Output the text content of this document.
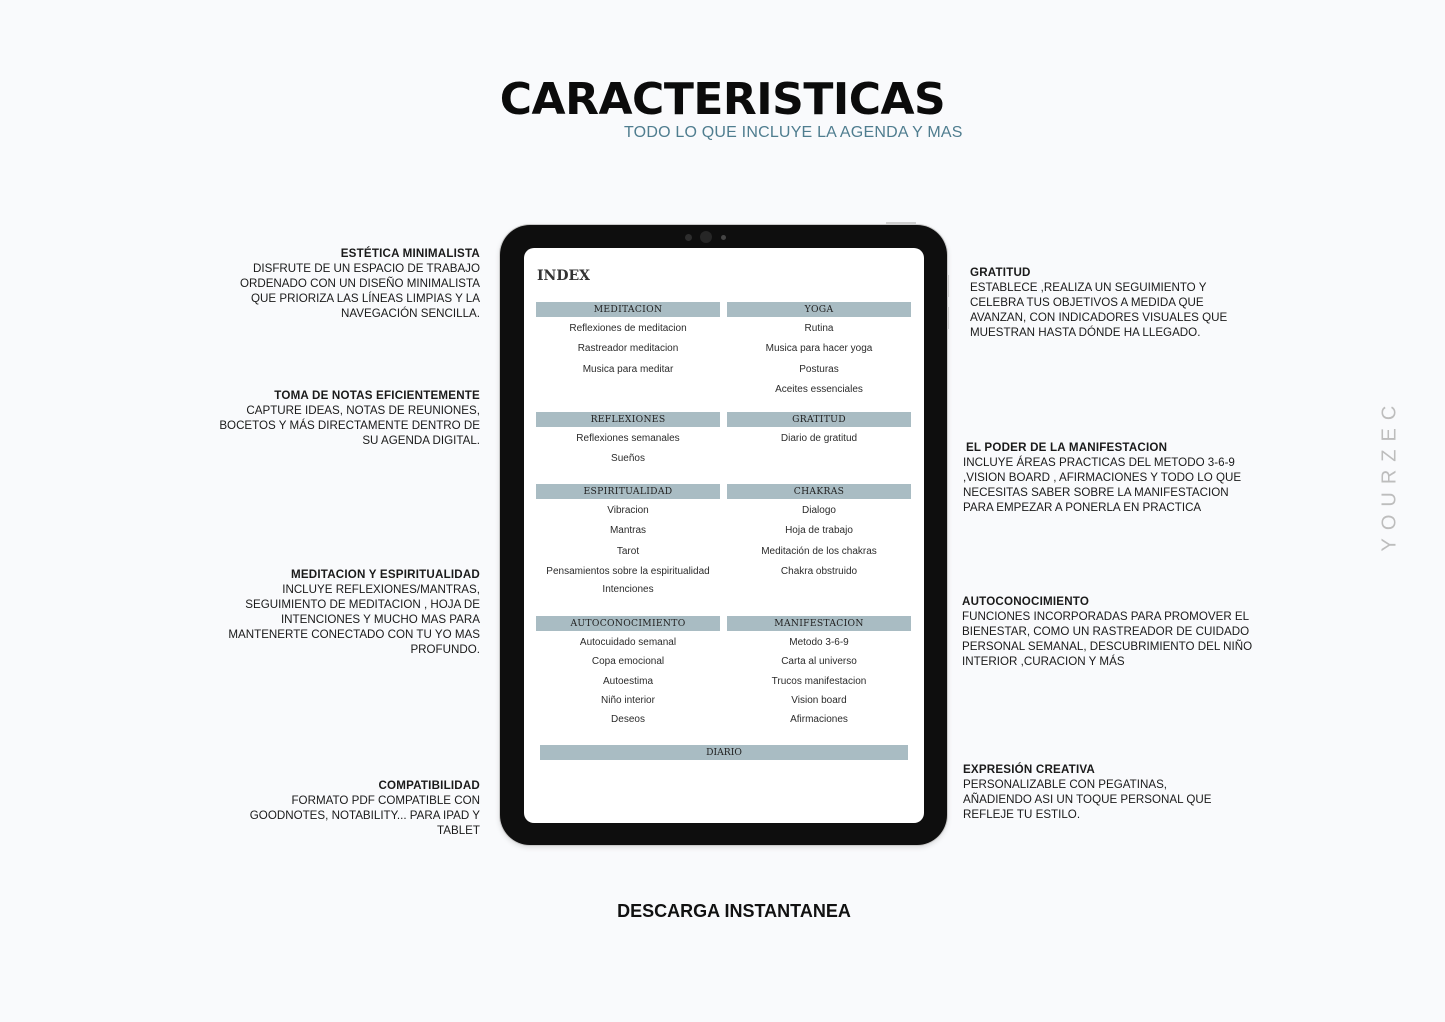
CARACTERISTICAS
TODO LO QUE INCLUYE LA AGENDA Y MAS
ESTÉTICA MINIMALISTA
DISFRUTE DE UN ESPACIO DE TRABAJO
ORDENADO CON UN DISEÑO MINIMALISTA
QUE PRIORIZA LAS LÍNEAS LIMPIAS Y LA
NAVEGACIÓN SENCILLA.
TOMA DE NOTAS EFICIENTEMENTE
CAPTURE IDEAS, NOTAS DE REUNIONES,
BOCETOS Y MÁS DIRECTAMENTE DENTRO DE
SU AGENDA DIGITAL.
MEDITACION Y ESPIRITUALIDAD
INCLUYE REFLEXIONES/MANTRAS,
SEGUIMIENTO DE MEDITACION , HOJA DE
INTENCIONES Y MUCHO MAS PARA
MANTENERTE CONECTADO CON TU YO MAS
PROFUNDO.
COMPATIBILIDAD
FORMATO PDF COMPATIBLE CON
GOODNOTES, NOTABILITY... PARA IPAD Y
TABLET
GRATITUD
ESTABLECE ,REALIZA UN SEGUIMIENTO Y
CELEBRA TUS OBJETIVOS A MEDIDA QUE
AVANZAN, CON INDICADORES VISUALES QUE
MUESTRAN HASTA DÓNDE HA LLEGADO.
EL PODER DE LA MANIFESTACION
INCLUYE ÁREAS PRACTICAS DEL METODO 3-6-9
,VISION BOARD , AFIRMACIONES Y TODO LO QUE
NECESITAS SABER SOBRE LA MANIFESTACION
PARA EMPEZAR A PONERLA EN PRACTICA
AUTOCONOCIMIENTO
FUNCIONES INCORPORADAS PARA PROMOVER EL
BIENESTAR, COMO UN RASTREADOR DE CUIDADO
PERSONAL SEMANAL, DESCUBRIMIENTO DEL NIÑO
INTERIOR ,CURACION Y MÁS
EXPRESIÓN CREATIVA
PERSONALIZABLE CON PEGATINAS,
AÑADIENDO ASI UN TOQUE PERSONAL QUE
REFLEJE TU ESTILO.
INDEX
MEDITACION
Reflexiones de meditacion
Rastreador meditacion
Musica para meditar
YOGA
Rutina
Musica para hacer yoga
Posturas
Aceites essenciales
REFLEXIONES
Reflexiones semanales
Sueños
GRATITUD
Diario de gratitud
ESPIRITUALIDAD
Vibracion
Mantras
Tarot
Pensamientos sobre la espiritualidad
Intenciones
CHAKRAS
Dialogo
Hoja de trabajo
Meditación de los chakras
Chakra obstruido
AUTOCONOCIMIENTO
Autocuidado semanal
Copa emocional
Autoestima
Niño interior
Deseos
MANIFESTACION
Metodo 3-6-9
Carta al universo
Trucos manifestacion
Vision board
Afirmaciones
DIARIO
DESCARGA INSTANTANEA
YOURZEC
